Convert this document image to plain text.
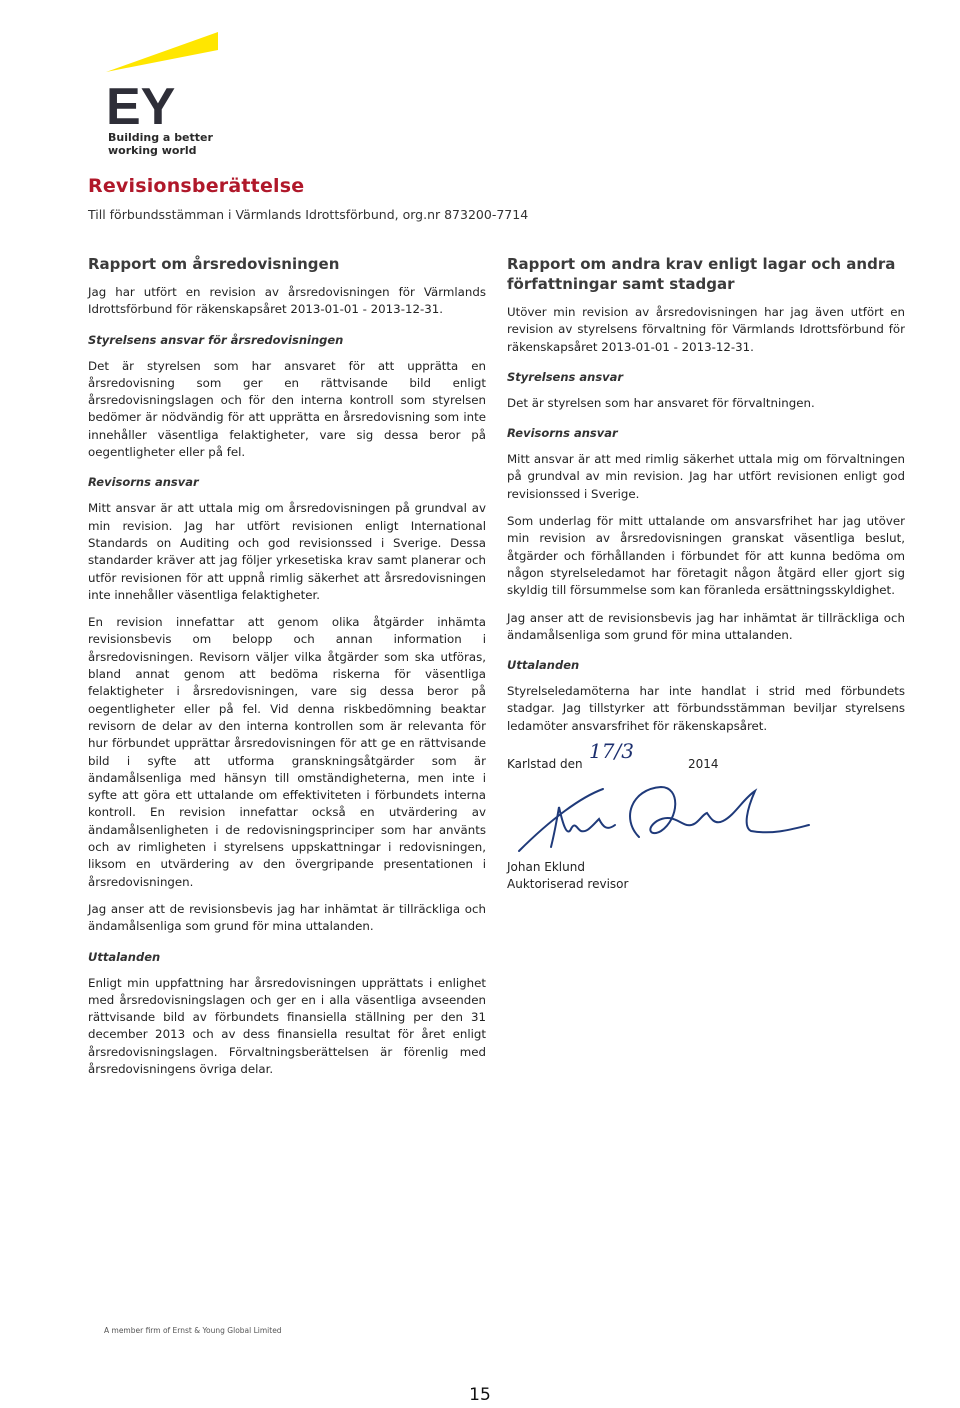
EY
Building a better
working world
Revisionsberättelse
Till förbundsstämman i Värmlands Idrottsförbund, org.nr 873200-7714
Rapport om årsredovisningen

Jag har utfört en revision av årsredovisningen för Värmlands Idrottsförbund för räkenskapsåret 2013-01-01 - 2013-12-31.

Styrelsens ansvar för årsredovisningen

Det är styrelsen som har ansvaret för att upprätta en årsredovisning som ger en rättvisande bild enligt årsredovisningslagen och för den interna kontroll som styrelsen bedömer är nödvändig för att upprätta en årsredovisning som inte innehåller väsentliga felaktigheter, vare sig dessa beror på oegentligheter eller på fel.

Revisorns ansvar

Mitt ansvar är att uttala mig om årsredovisningen på grundval av min revision. Jag har utfört revisionen enligt International Standards on Auditing och god revisionssed i Sverige. Dessa standarder kräver att jag följer yrkesetiska krav samt planerar och utför revisionen för att uppnå rimlig säkerhet att årsredovisningen inte innehåller väsentliga felaktigheter.

En revision innefattar att genom olika åtgärder inhämta revisionsbevis om belopp och annan information i årsredovisningen. Revisorn väljer vilka åtgärder som ska utföras, bland annat genom att bedöma riskerna för väsentliga felaktigheter i årsredovisningen, vare sig dessa beror på oegentligheter eller på fel. Vid denna riskbedömning beaktar revisorn de delar av den interna kontrollen som är relevanta för hur förbundet upprättar årsredovisningen för att ge en rättvisande bild i syfte att utforma granskningsåtgärder som är ändamålsenliga med hänsyn till omständigheterna, men inte i syfte att göra ett uttalande om effektiviteten i förbundets interna kontroll. En revision innefattar också en utvärdering av ändamålsenligheten i de redovisningsprinciper som har använts och av rimligheten i styrelsens uppskattningar i redovisningen, liksom en utvärdering av den övergripande presentationen i årsredovisningen.

Jag anser att de revisionsbevis jag har inhämtat är tillräckliga och ändamålsenliga som grund för mina uttalanden.

Uttalanden

Enligt min uppfattning har årsredovisningen upprättats i enlighet med årsredovisningslagen och ger en i alla väsentliga avseenden rättvisande bild av förbundets finansiella ställning per den 31 december 2013 och av dess finansiella resultat för året enligt årsredovisningslagen. Förvaltningsberättelsen är förenlig med årsredovisningens övriga delar.

Rapport om andra krav enligt lagar och andra författningar samt stadgar

Utöver min revision av årsredovisningen har jag även utfört en revision av styrelsens förvaltning för Värmlands Idrottsförbund för räkenskapsåret 2013-01-01 - 2013-12-31.

Styrelsens ansvar

Det är styrelsen som har ansvaret för förvaltningen.

Revisorns ansvar

Mitt ansvar är att med rimlig säkerhet uttala mig om förvaltningen på grundval av min revision. Jag har utfört revisionen enligt god revisionssed i Sverige.

Som underlag för mitt uttalande om ansvarsfrihet har jag utöver min revision av årsredovisningen granskat väsentliga beslut, åtgärder och förhållanden i förbundet för att kunna bedöma om någon styrelseledamot har företagit någon åtgärd eller gjort sig skyldig till försummelse som kan föranleda ersättningsskyldighet.

Jag anser att de revisionsbevis jag har inhämtat är tillräckliga och ändamålsenliga som grund för mina uttalanden.

Uttalanden

Styrelseledamöterna har inte handlat i strid med förbundets stadgar. Jag tillstyrker att förbundsstämman beviljar styrelsens ledamöter ansvarsfrihet för räkenskapsåret.

Karlstad den
17/3
2014

Johan Eklund

Auktoriserad revisor

A member firm of Ernst & Young Global Limited
15
